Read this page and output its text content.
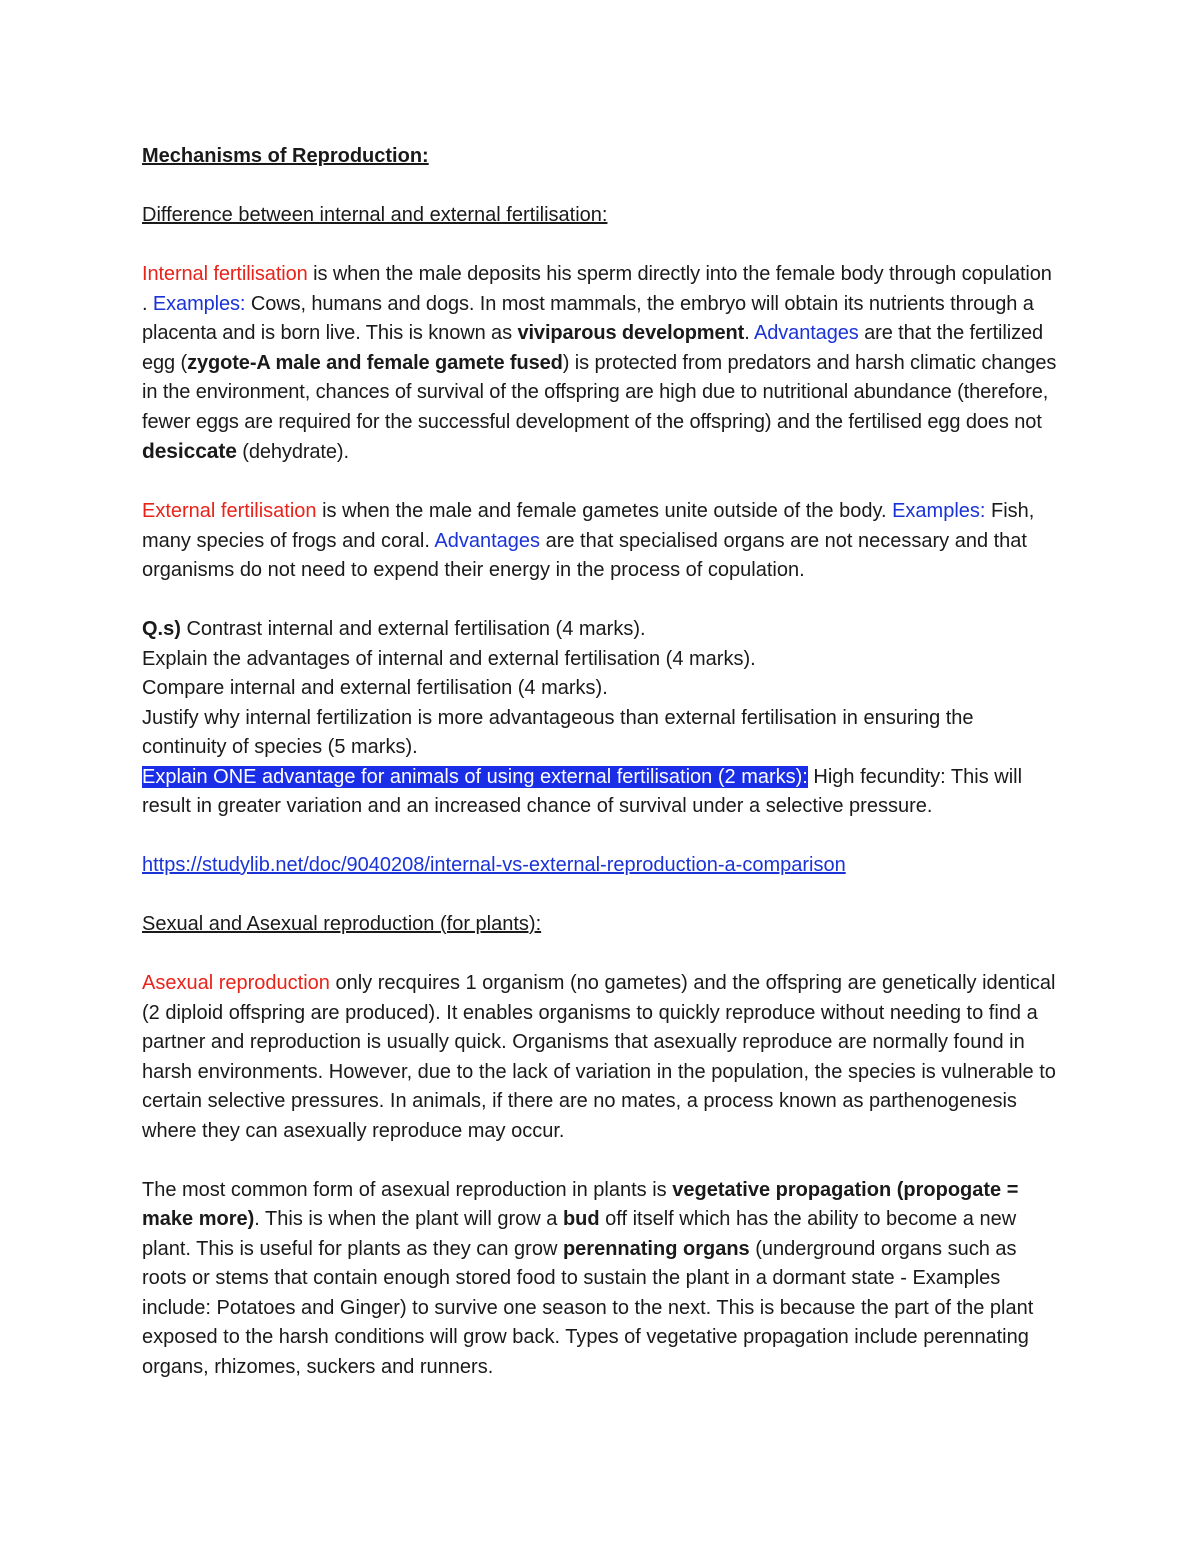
Mechanisms of Reproduction:

Difference between internal and external fertilisation:

Internal fertilisation is when the male deposits his sperm directly into the female body through copulation . Examples: Cows, humans and dogs. In most mammals, the embryo will obtain its nutrients through a placenta and is born live. This is known as viviparous development. Advantages are that the fertilized egg (zygote-A male and female gamete fused) is protected from predators and harsh climatic changes in the environment, chances of survival of the offspring are high due to nutritional abundance (therefore, fewer eggs are required for the successful development of the offspring) and the fertilised egg does not desiccate (dehydrate).

External fertilisation is when the male and female gametes unite outside of the body. Examples: Fish, many species of frogs and coral. Advantages are that specialised organs are not necessary and that organisms do not need to expend their energy in the process of copulation.

Q.s) Contrast internal and external fertilisation (4 marks).

Explain the advantages of internal and external fertilisation (4 marks).

Compare internal and external fertilisation (4 marks).

Justify why internal fertilization is more advantageous than external fertilisation in ensuring the continuity of species (5 marks).

Explain ONE advantage for animals of using external fertilisation (2 marks): High fecundity: This will result in greater variation and an increased chance of survival under a selective pressure.

https://studylib.net/doc/9040208/internal-vs-external-reproduction-a-comparison

Sexual and Asexual reproduction (for plants):

Asexual reproduction only recquires 1 organism (no gametes) and the offspring are genetically identical (2 diploid offspring are produced). It enables organisms to quickly reproduce without needing to find a partner and reproduction is usually quick. Organisms that asexually reproduce are normally found in harsh environments. However, due to the lack of variation in the population, the species is vulnerable to certain selective pressures. In animals, if there are no mates, a process known as parthenogenesis where they can asexually reproduce may occur.

The most common form of asexual reproduction in plants is vegetative propagation (propogate = make more). This is when the plant will grow a bud off itself which has the ability to become a new plant. This is useful for plants as they can grow perennating organs (underground organs such as roots or stems that contain enough stored food to sustain the plant in a dormant state - Examples include: Potatoes and Ginger) to survive one season to the next. This is because the part of the plant exposed to the harsh conditions will grow back. Types of vegetative propagation include perennating organs, rhizomes, suckers and runners.
